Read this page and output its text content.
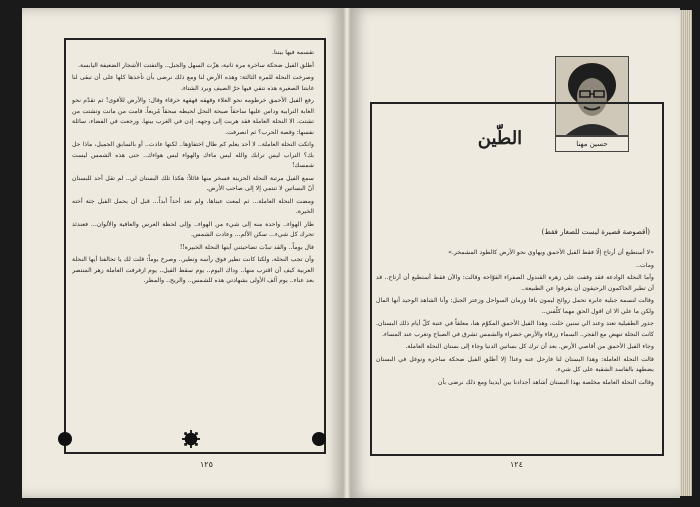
تقسمه فيها بيننا.

أطلق الفيل ضحكة ساخرة مرة ثانية، هزّت السهل والجبل.. والتفتت الأشجار الضعيفة اليابسة.

وصرخت النحلة للمرة الثالثة: وهذه الأرض لنا ومع ذلك نرضى بأن تأخذها كلها على أن تبقى لنا غابتنا الصغيرة هذه نتقي فيها حرّ الصيف وبرد الشتاء.

رفع الفيل الأحمق خرطومه نحو العلاء وقهقه قهقهة خرقاء وقال: والأرض للأقوى! ثم تقدّم نحو الغابة الترابية وداس عليها ساحقاً صيحة النحل لحيطه سحقاً مُريعاً. قامت من ماتت وتشتت من تشتت. الا النحلة العاملة فقد هربت إلى وجهه. إذن في الغرب بينها. ورجعت في الفضاء، سائلة نفسها: وقصة الحرب؟ ثم انصرفت.

واتكت النحلة العاملة.. لا أحد يعلم كم طال اختفاؤها.. لكنها عادت.. أو بالسابق الجميل، ماذا حل بك؟ التراب ليس ترابك والله ليس ماءك والهواء ليس هواءك.. حتى هذه الشمس ليست شمسك!

سمع الفيل مرتبة النحلة الحزينة فسخر منها قائلاً: هكذا تلك البستان لي.. لم تقل أحد للبستان أنّ البساتين لا تنتمي إلا إلى صاحب الأرض.

ومضت النحلة العاملة... ثم لمعت عيناها. ولم تعد أحداً أبداً... قبل أن يحمل الفيل جثة أخته الخيرة.

طار الهواء.. واحدة منه إلى شيء من الهواء.. وإلى لحظة العرس والعافية والألوان... فعندئذ تحرك كل شيء... سكن الألم... وعادت الشمس.

فال يوماً.. والقد تبدّت تضاحيتني أيتها النحلة الخبيرة!!

وأن تجب النحلة، ولكنا كانت تطير فوق رأسه وتطير.. وصرخ يوماً: قلت لك يا تحالفنا أيها النحلة العربية كيف أن اقترب منها.. وداك اليوم.. يوم سقط الفيل.. يوم ارفرفت العاملة زهر المنتصر بعد عناء.. يوم آلف الأولى بشهادتي هذه للشمس.. والريح.. والمطر.

١٢٥
حسين مهنا
الطّين
(أقصوصة قصيرة ليست للصغار فقط)

«لا أستطيع أن أرتاح إلّا فقط الفيل الأحمق ويهاوي نحو الأرض كالطود المشمخر.»

ومات..

وأما النحلة الوادعة فقد وقفت على زهرة القندول الصفراء الفوّاحة وقالت: والآن فقط أستطيع أن أرتاح.. قد أن تطير الحاكمون الرحيقون أن يفرقوا عن الطبيعة..

وقالت لنسمة جبلية عابرة تحمل روائح ليمون يافا ورمان السواحل وزعتر الجبل: وأنا الشاهد الوحيد أنها المال ولكن ما علي الا ان اقول الحق مهما كلّفني..

جذور الطفيلية تعتد وعند الي سنين خلت، وهذا الفيل الأحمق المكوّم هنا، معلقاً في عتبة كلّ أيام ذلك البستان. كانت النحلة تنهض مع الفجر.. السماء زرقاء والأرض خضراء والشمس تشرق في الصباح وتغرب عند المساء.

وجاء الفيل الأحمق من أقاصي الأرض. بعد أن ترك كل بساتين الدنيا وجاء إلى بستان النحلة العاملة.

قالت النحلة العاملة: وهذا البستان لنا فارحل عنه وعنا! إلا أطلق الفيل ضحكة ساخرة وتوغل في البستان يضطهد بالفاسد الشقية على كل شيء.

وقالت النحلة العاملة مخلصة بهذا البستان أشاهد أجدادنا بين أيدينا ومع ذلك نرضى بأن

١٢٤
